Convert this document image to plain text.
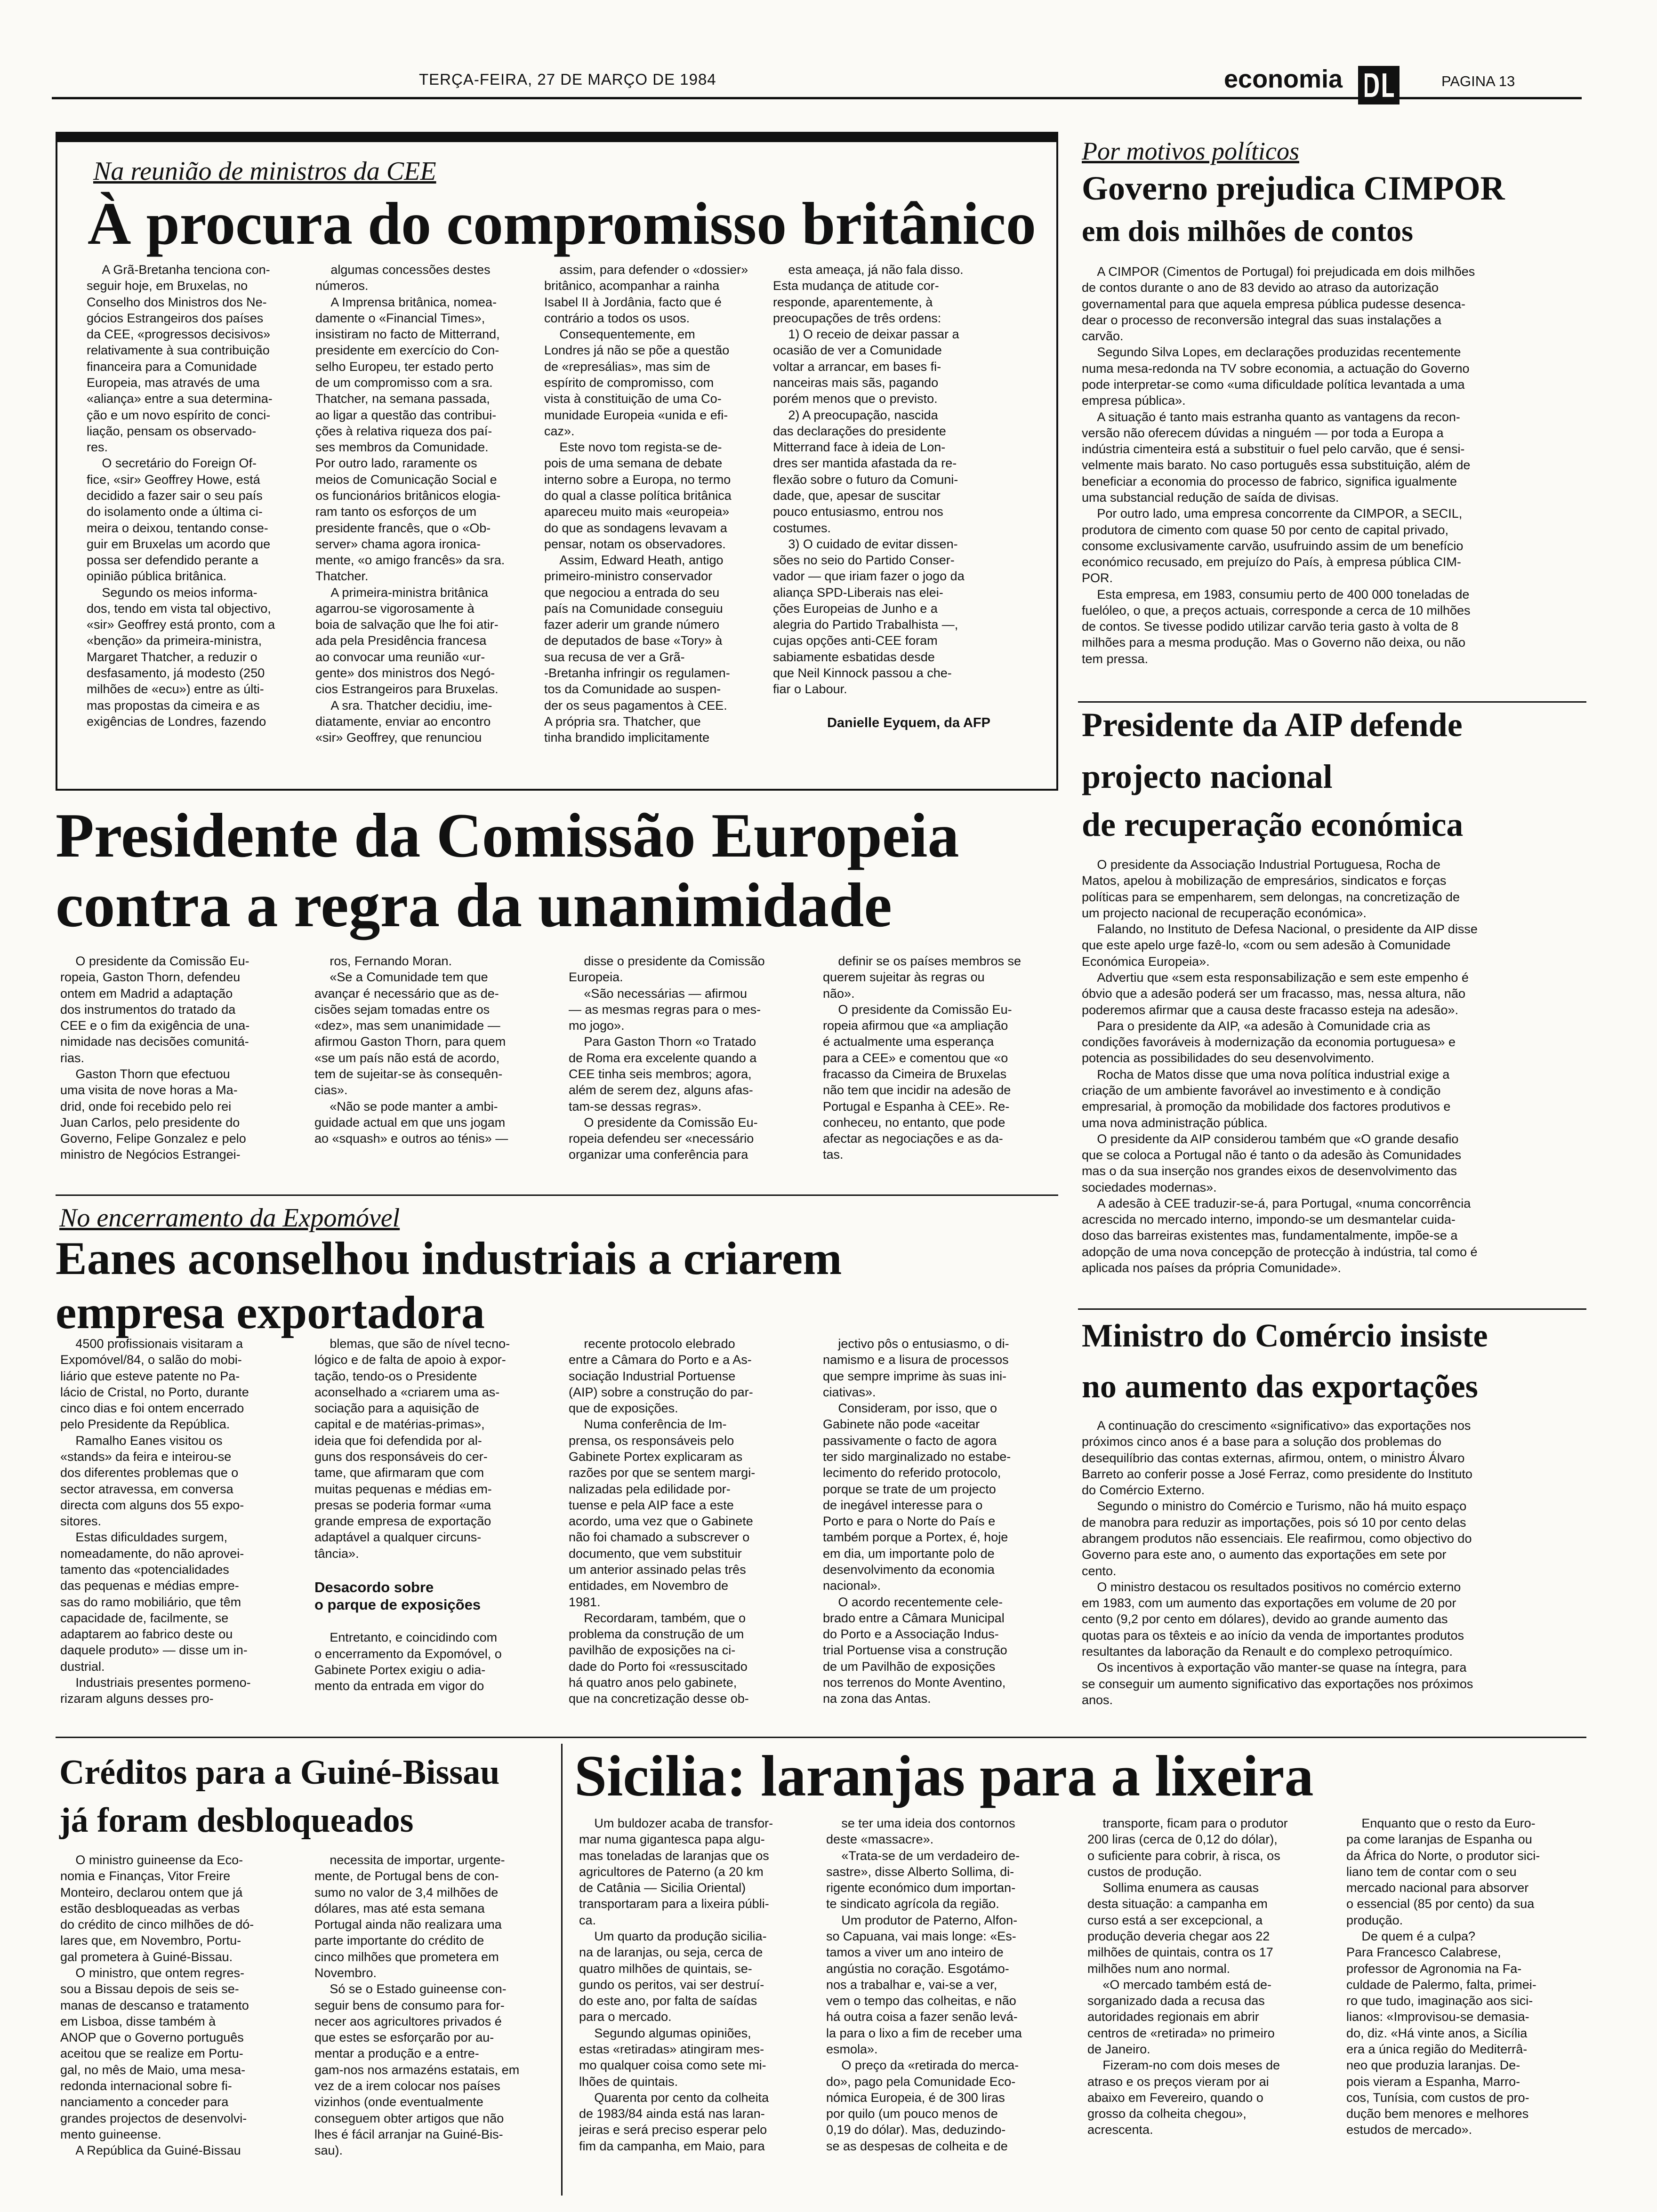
TERÇA-FEIRA, 27 DE MARÇO DE 1984	economia	PAGINA 13
Na reunião de ministros da CEE
À procura do compromisso britânico

A Grã-Bretanha tenciona con-
seguir hoje, em Bruxelas, no
Conselho dos Ministros dos Ne-
gócios Estrangeiros dos países
da CEE, «progressos decisivos»
relativamente à sua contribuição
financeira para a Comunidade
Europeia, mas através de uma
«aliança» entre a sua determina-
ção e um novo espírito de conci-
liação, pensam os observado-
res.

O secretário do Foreign Of-
fice, «sir» Geoffrey Howe, está
decidido a fazer sair o seu país
do isolamento onde a última ci-
meira o deixou, tentando conse-
guir em Bruxelas um acordo que
possa ser defendido perante a
opinião pública britânica.

Segundo os meios informa-
dos, tendo em vista tal objectivo,
«sir» Geoffrey está pronto, com a
«benção» da primeira-ministra,
Margaret Thatcher, a reduzir o
desfasamento, já modesto (250
milhões de «ecu») entre as últi-
mas propostas da cimeira e as
exigências de Londres, fazendo

algumas concessões destes
números.

A Imprensa britânica, nomea-
damente o «Financial Times»,
insistiram no facto de Mitterrand,
presidente em exercício do Con-
selho Europeu, ter estado perto
de um compromisso com a sra.
Thatcher, na semana passada,
ao ligar a questão das contribui-
ções à relativa riqueza dos paí-
ses membros da Comunidade.
Por outro lado, raramente os
meios de Comunicação Social e
os funcionários britânicos elogia-
ram tanto os esforços de um
presidente francês, que o «Ob-
server» chama agora ironica-
mente, «o amigo francês» da sra.
Thatcher.

A primeira-ministra britânica
agarrou-se vigorosamente à
boia de salvação que lhe foi atir-
ada pela Presidência francesa
ao convocar uma reunião «ur-
gente» dos ministros dos Negó-
cios Estrangeiros para Bruxelas.

A sra. Thatcher decidiu, ime-
diatamente, enviar ao encontro
«sir» Geoffrey, que renunciou

assim, para defender o «dossier»
britânico, acompanhar a rainha
Isabel II à Jordânia, facto que é
contrário a todos os usos.

Consequentemente, em
Londres já não se põe a questão
de «represálias», mas sim de
espírito de compromisso, com
vista à constituição de uma Co-
munidade Europeia «unida e efi-
caz».

Este novo tom regista-se de-
pois de uma semana de debate
interno sobre a Europa, no termo
do qual a classe política britânica
apareceu muito mais «europeia»
do que as sondagens levavam a
pensar, notam os observadores.

Assim, Edward Heath, antigo
primeiro-ministro conservador
que negociou a entrada do seu
país na Comunidade conseguiu
fazer aderir um grande número
de deputados de base «Tory» à
sua recusa de ver a Grã-
-Bretanha infringir os regulamen-
tos da Comunidade ao suspen-
der os seus pagamentos à CEE.
A própria sra. Thatcher, que
tinha brandido implicitamente

esta ameaça, já não fala disso.
Esta mudança de atitude cor-
responde, aparentemente, à
preocupações de três ordens:

1) O receio de deixar passar a
ocasião de ver a Comunidade
voltar a arrancar, em bases fi-
nanceiras mais sãs, pagando
porém menos que o previsto.

2) A preocupação, nascida
das declarações do presidente
Mitterrand face à ideia de Lon-
dres ser mantida afastada da re-
flexão sobre o futuro da Comuni-
dade, que, apesar de suscitar
pouco entusiasmo, entrou nos
costumes.

3) O cuidado de evitar dissen-
sões no seio do Partido Conser-
vador — que iriam fazer o jogo da
aliança SPD-Liberais nas elei-
ções Europeias de Junho e a
alegria do Partido Trabalhista —,
cujas opções anti-CEE foram
sabiamente esbatidas desde
que Neil Kinnock passou a che-
fiar o Labour.

Danielle Eyquem, da AFP

Por motivos políticos
Governo prejudica CIMPOR
em dois milhões de contos

A CIMPOR (Cimentos de Portugal) foi prejudicada em dois milhões
de contos durante o ano de 83 devido ao atraso da autorização
governamental para que aquela empresa pública pudesse desenca-
dear o processo de reconversão integral das suas instalações a
carvão.

Segundo Silva Lopes, em declarações produzidas recentemente
numa mesa-redonda na TV sobre economia, a actuação do Governo
pode interpretar-se como «uma dificuldade política levantada a uma
empresa pública».

A situação é tanto mais estranha quanto as vantagens da recon-
versão não oferecem dúvidas a ninguém — por toda a Europa a
indústria cimenteira está a substituir o fuel pelo carvão, que é sensi-
velmente mais barato. No caso português essa substituição, além de
beneficiar a economia do processo de fabrico, significa igualmente
uma substancial redução de saída de divisas.

Por outro lado, uma empresa concorrente da CIMPOR, a SECIL,
produtora de cimento com quase 50 por cento de capital privado,
consome exclusivamente carvão, usufruindo assim de um benefício
económico recusado, em prejuízo do País, à empresa pública CIM-
POR.

Esta empresa, em 1983, consumiu perto de 400 000 toneladas de
fuelóleo, o que, a preços actuais, corresponde a cerca de 10 milhões
de contos. Se tivesse podido utilizar carvão teria gasto à volta de 8
milhões para a mesma produção. Mas o Governo não deixa, ou não
tem pressa.

Presidente da AIP defende
projecto nacional
de recuperação económica

O presidente da Associação Industrial Portuguesa, Rocha de
Matos, apelou à mobilização de empresários, sindicatos e forças
políticas para se empenharem, sem delongas, na concretização de
um projecto nacional de recuperação económica».

Falando, no Instituto de Defesa Nacional, o presidente da AIP disse
que este apelo urge fazê-lo, «com ou sem adesão à Comunidade
Económica Europeia».

Advertiu que «sem esta responsabilização e sem este empenho é
óbvio que a adesão poderá ser um fracasso, mas, nessa altura, não
poderemos afirmar que a causa deste fracasso esteja na adesão».

Para o presidente da AIP, «a adesão à Comunidade cria as
condições favoráveis à modernização da economia portuguesa» e
potencia as possibilidades do seu desenvolvimento.

Rocha de Matos disse que uma nova política industrial exige a
criação de um ambiente favorável ao investimento e à condição
empresarial, à promoção da mobilidade dos factores produtivos e
uma nova administração pública.

O presidente da AIP considerou também que «O grande desafio
que se coloca a Portugal não é tanto o da adesão às Comunidades
mas o da sua inserção nos grandes eixos de desenvolvimento das
sociedades modernas».

A adesão à CEE traduzir-se-á, para Portugal, «numa concorrência
acrescida no mercado interno, impondo-se um desmantelar cuida-
doso das barreiras existentes mas, fundamentalmente, impõe-se a
adopção de uma nova concepção de protecção à indústria, tal como é
aplicada nos países da própria Comunidade».

Presidente da Comissão Europeia
contra a regra da unanimidade

O presidente da Comissão Eu-
ropeia, Gaston Thorn, defendeu
ontem em Madrid a adaptação
dos instrumentos do tratado da
CEE e o fim da exigência de una-
nimidade nas decisões comunitá-
rias.

Gaston Thorn que efectuou
uma visita de nove horas a Ma-
drid, onde foi recebido pelo rei
Juan Carlos, pelo presidente do
Governo, Felipe Gonzalez e pelo
ministro de Negócios Estrangei-

ros, Fernando Moran.

«Se a Comunidade tem que
avançar é necessário que as de-
cisões sejam tomadas entre os
«dez», mas sem unanimidade —
afirmou Gaston Thorn, para quem
«se um país não está de acordo,
tem de sujeitar-se às consequên-
cias».

«Não se pode manter a ambi-
guidade actual em que uns jogam
ao «squash» e outros ao ténis» —

disse o presidente da Comissão
Europeia.

«São necessárias — afirmou
— as mesmas regras para o mes-
mo jogo».

Para Gaston Thorn «o Tratado
de Roma era excelente quando a
CEE tinha seis membros; agora,
além de serem dez, alguns afas-
tam-se dessas regras».

O presidente da Comissão Eu-
ropeia defendeu ser «necessário
organizar uma conferência para

definir se os países membros se
querem sujeitar às regras ou
não».

O presidente da Comissão Eu-
ropeia afirmou que «a ampliação
é actualmente uma esperança
para a CEE» e comentou que «o
fracasso da Cimeira de Bruxelas
não tem que incidir na adesão de
Portugal e Espanha à CEE». Re-
conheceu, no entanto, que pode
afectar as negociações e as da-
tas.

No encerramento da Expomóvel
Eanes aconselhou industriais a criarem
empresa exportadora

4500 profissionais visitaram a
Expomóvel/84, o salão do mobi-
liário que esteve patente no Pa-
lácio de Cristal, no Porto, durante
cinco dias e foi ontem encerrado
pelo Presidente da República.

Ramalho Eanes visitou os
«stands» da feira e inteirou-se
dos diferentes problemas que o
sector atravessa, em conversa
directa com alguns dos 55 expo-
sitores.

Estas dificuldades surgem,
nomeadamente, do não aprovei-
tamento das «potencialidades
das pequenas e médias empre-
sas do ramo mobiliário, que têm
capacidade de, facilmente, se
adaptarem ao fabrico deste ou
daquele produto» — disse um in-
dustrial.

Industriais presentes pormeno-
rizaram alguns desses pro-

blemas, que são de nível tecno-
lógico e de falta de apoio à expor-
tação, tendo-os o Presidente
aconselhado a «criarem uma as-
sociação para a aquisição de
capital e de matérias-primas»,
ideia que foi defendida por al-
guns dos responsáveis do cer-
tame, que afirmaram que com
muitas pequenas e médias em-
presas se poderia formar «uma
grande empresa de exportação
adaptável a qualquer circuns-
tância».

Desacordo sobre
o parque de exposições

Entretanto, e coincidindo com
o encerramento da Expomóvel, o
Gabinete Portex exigiu o adia-
mento da entrada em vigor do

recente protocolo elebrado
entre a Câmara do Porto e a As-
sociação Industrial Portuense
(AIP) sobre a construção do par-
que de exposições.

Numa conferência de Im-
prensa, os responsáveis pelo
Gabinete Portex explicaram as
razões por que se sentem margi-
nalizadas pela edilidade por-
tuense e pela AIP face a este
acordo, uma vez que o Gabinete
não foi chamado a subscrever o
documento, que vem substituir
um anterior assinado pelas três
entidades, em Novembro de
1981.

Recordaram, também, que o
problema da construção de um
pavilhão de exposições na ci-
dade do Porto foi «ressuscitado
há quatro anos pelo gabinete,
que na concretização desse ob-

jectivo pôs o entusiasmo, o di-
namismo e a lisura de processos
que sempre imprime às suas ini-
ciativas».

Consideram, por isso, que o
Gabinete não pode «aceitar
passivamente o facto de agora
ter sido marginalizado no estabe-
lecimento do referido protocolo,
porque se trate de um projecto
de inegável interesse para o
Porto e para o Norte do País e
também porque a Portex, é, hoje
em dia, um importante polo de
desenvolvimento da economia
nacional».

O acordo recentemente cele-
brado entre a Câmara Municipal
do Porto e a Associação Indus-
trial Portuense visa a construção
de um Pavilhão de exposições
nos terrenos do Monte Aventino,
na zona das Antas.

Ministro do Comércio insiste
no aumento das exportações

A continuação do crescimento «significativo» das exportações nos
próximos cinco anos é a base para a solução dos problemas do
desequilíbrio das contas externas, afirmou, ontem, o ministro Álvaro
Barreto ao conferir posse a José Ferraz, como presidente do Instituto
do Comércio Externo.

Segundo o ministro do Comércio e Turismo, não há muito espaço
de manobra para reduzir as importações, pois só 10 por cento delas
abrangem produtos não essenciais. Ele reafirmou, como objectivo do
Governo para este ano, o aumento das exportações em sete por
cento.

O ministro destacou os resultados positivos no comércio externo
em 1983, com um aumento das exportações em volume de 20 por
cento (9,2 por cento em dólares), devido ao grande aumento das
quotas para os têxteis e ao início da venda de importantes produtos
resultantes da laboração da Renault e do complexo petroquímico.

Os incentivos à exportação vão manter-se quase na íntegra, para
se conseguir um aumento significativo das exportações nos próximos
anos.

Créditos para a Guiné-Bissau
já foram desbloqueados

O ministro guineense da Eco-
nomia e Finanças, Vitor Freire
Monteiro, declarou ontem que já
estão desbloqueadas as verbas
do crédito de cinco milhões de dó-
lares que, em Novembro, Portu-
gal prometera à Guiné-Bissau.

O ministro, que ontem regres-
sou a Bissau depois de seis se-
manas de descanso e tratamento
em Lisboa, disse também à
ANOP que o Governo português
aceitou que se realize em Portu-
gal, no mês de Maio, uma mesa-
redonda internacional sobre fi-
nanciamento a conceder para
grandes projectos de desenvolvi-
mento guineense.

A República da Guiné-Bissau

necessita de importar, urgente-
mente, de Portugal bens de con-
sumo no valor de 3,4 milhões de
dólares, mas até esta semana
Portugal ainda não realizara uma
parte importante do crédito de
cinco milhões que prometera em
Novembro.

Só se o Estado guineense con-
seguir bens de consumo para for-
necer aos agricultores privados é
que estes se esforçarão por au-
mentar a produção e a entre-
gam-nos nos armazéns estatais, em
vez de a irem colocar nos países
vizinhos (onde eventualmente
conseguem obter artigos que não
lhes é fácil arranjar na Guiné-Bis-
sau).

Sicilia: laranjas para a lixeira

Um buldozer acaba de transfor-
mar numa gigantesca papa algu-
mas toneladas de laranjas que os
agricultores de Paterno (a 20 km
de Catânia — Sicilia Oriental)
transportaram para a lixeira públi-
ca.

Um quarto da produção sicilia-
na de laranjas, ou seja, cerca de
quatro milhões de quintais, se-
gundo os peritos, vai ser destruí-
do este ano, por falta de saídas
para o mercado.

Segundo algumas opiniões,
estas «retiradas» atingiram mes-
mo qualquer coisa como sete mi-
lhões de quintais.

Quarenta por cento da colheita
de 1983/84 ainda está nas laran-
jeiras e será preciso esperar pelo
fim da campanha, em Maio, para

se ter uma ideia dos contornos
deste «massacre».

«Trata-se de um verdadeiro de-
sastre», disse Alberto Sollima, di-
rigente económico dum importan-
te sindicato agrícola da região.

Um produtor de Paterno, Alfon-
so Capuana, vai mais longe: «Es-
tamos a viver um ano inteiro de
angústia no coração. Esgotámo-
nos a trabalhar e, vai-se a ver,
vem o tempo das colheitas, e não
há outra coisa a fazer senão levá-
la para o lixo a fim de receber uma
esmola».

O preço da «retirada do merca-
do», pago pela Comunidade Eco-
nómica Europeia, é de 300 liras
por quilo (um pouco menos de
0,19 do dólar). Mas, deduzindo-
se as despesas de colheita e de

transporte, ficam para o produtor
200 liras (cerca de 0,12 do dólar),
o suficiente para cobrir, à risca, os
custos de produção.

Sollima enumera as causas
desta situação: a campanha em
curso está a ser excepcional, a
produção deveria chegar aos 22
milhões de quintais, contra os 17
milhões num ano normal.

«O mercado também está de-
sorganizado dada a recusa das
autoridades regionais em abrir
centros de «retirada» no primeiro
de Janeiro.

Fizeram-no com dois meses de
atraso e os preços vieram por ai
abaixo em Fevereiro, quando o
grosso da colheita chegou»,
acrescenta.

Enquanto que o resto da Euro-
pa come laranjas de Espanha ou
da África do Norte, o produtor sici-
liano tem de contar com o seu
mercado nacional para absorver
o essencial (85 por cento) da sua
produção.

De quem é a culpa?
Para Francesco Calabrese,
professor de Agronomia na Fa-
culdade de Palermo, falta, primei-
ro que tudo, imaginação aos sici-
lianos: «Improvisou-se demasia-
do, diz. «Há vinte anos, a Sicília
era a única região do Mediterrâ-
neo que produzia laranjas. De-
pois vieram a Espanha, Marro-
cos, Tunísia, com custos de pro-
dução bem menores e melhores
estudos de mercado».
